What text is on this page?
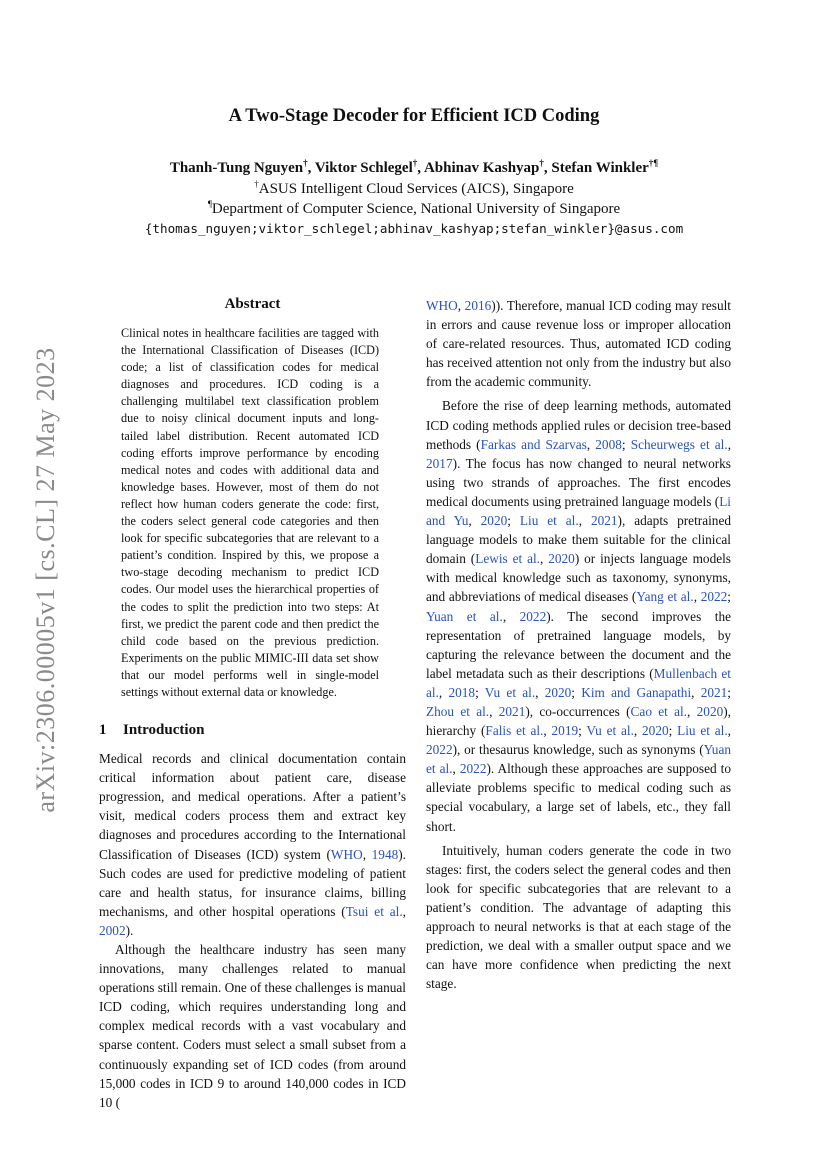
arXiv:2306.00005v1 [cs.CL] 27 May 2023
A Two-Stage Decoder for Efficient ICD Coding
Thanh-Tung Nguyen†, Viktor Schlegel†, Abhinav Kashyap†, Stefan Winkler†¶
†ASUS Intelligent Cloud Services (AICS), Singapore
¶Department of Computer Science, National University of Singapore
{thomas_nguyen;viktor_schlegel;abhinav_kashyap;stefan_winkler}@asus.com
Abstract

Clinical notes in healthcare facilities are tagged with the International Classification of Diseases (ICD) code; a list of classification codes for medical diagnoses and procedures. ICD coding is a challenging multilabel text classification problem due to noisy clinical document inputs and long-tailed label distribution. Recent automated ICD coding efforts improve performance by encoding medical notes and codes with additional data and knowledge bases. However, most of them do not reflect how human coders generate the code: first, the coders select general code categories and then look for specific subcategories that are relevant to a patient’s condition. Inspired by this, we propose a two-stage decoding mechanism to predict ICD codes. Our model uses the hierarchical properties of the codes to split the prediction into two steps: At first, we predict the parent code and then predict the child code based on the previous prediction. Experiments on the public MIMIC-III data set show that our model performs well in single-model settings without external data or knowledge.

1 Introduction

Medical records and clinical documentation contain critical information about patient care, disease progression, and medical operations. After a patient’s visit, medical coders process them and extract key diagnoses and procedures according to the International Classification of Diseases (ICD) system (WHO, 1948). Such codes are used for predictive modeling of patient care and health status, for insurance claims, billing mechanisms, and other hospital operations (Tsui et al., 2002).

Although the healthcare industry has seen many innovations, many challenges related to manual operations still remain. One of these challenges is manual ICD coding, which requires understanding long and complex medical records with a vast vocabulary and sparse content. Coders must select a small subset from a continuously expanding set of ICD codes (from around 15,000 codes in ICD 9 to around 140,000 codes in ICD 10 (

WHO, 2016)). Therefore, manual ICD coding may result in errors and cause revenue loss or improper allocation of care-related resources. Thus, automated ICD coding has received attention not only from the industry but also from the academic community.

Before the rise of deep learning methods, automated ICD coding methods applied rules or decision tree-based methods (Farkas and Szarvas, 2008; Scheurwegs et al., 2017). The focus has now changed to neural networks using two strands of approaches. The first encodes medical documents using pretrained language models (Li and Yu, 2020; Liu et al., 2021), adapts pretrained language models to make them suitable for the clinical domain (Lewis et al., 2020) or injects language models with medical knowledge such as taxonomy, synonyms, and abbreviations of medical diseases (Yang et al., 2022; Yuan et al., 2022). The second improves the representation of pretrained language models, by capturing the relevance between the document and the label metadata such as their descriptions (Mullenbach et al., 2018; Vu et al., 2020; Kim and Ganapathi, 2021; Zhou et al., 2021), co-occurrences (Cao et al., 2020), hierarchy (Falis et al., 2019; Vu et al., 2020; Liu et al., 2022), or thesaurus knowledge, such as synonyms (Yuan et al., 2022). Although these approaches are supposed to alleviate problems specific to medical coding such as special vocabulary, a large set of labels, etc., they fall short.

Intuitively, human coders generate the code in two stages: first, the coders select the general codes and then look for specific subcategories that are relevant to a patient’s condition. The advantage of adapting this approach to neural networks is that at each stage of the prediction, we deal with a smaller output space and we can have more confidence when predicting the next stage.
